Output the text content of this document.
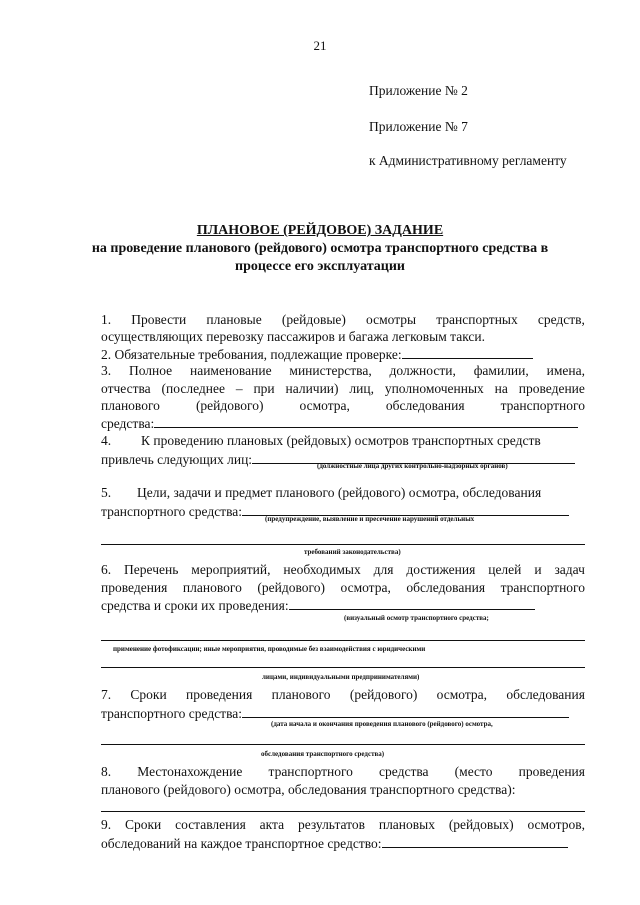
21
Приложение № 2
Приложение № 7
к Административному регламенту
ПЛАНОВОЕ (РЕЙДОВОЕ) ЗАДАНИЕ
на проведение планового (рейдового) осмотра транспортного средства в
процессе его эксплуатации
1. Провести плановые (рейдовые) осмотры транспортных средств,
осуществляющих перевозку пассажиров и багажа легковым такси.
2. Обязательные требования, подлежащие проверке:
3. Полное наименование министерства, должности, фамилии, имена,
отчества (последнее – при наличии) лиц, уполномоченных на проведение
планового	(рейдового)	осмотра,	обследования	транспортного
средства:
4.	К проведению плановых (рейдовых) осмотров транспортных средств
привлечь следующих лиц:	(должностные лица других контрольно-надзорных органов)
5.	Цели, задачи и предмет планового (рейдового) осмотра, обследования
транспортного средства:	(предупреждение, выявление и пресечение нарушений отдельных
требований законодательства)
6. Перечень мероприятий, необходимых для достижения целей и задач
проведения планового (рейдового) осмотра, обследования транспортного
средства и сроки их проведения:
(визуальный осмотр транспортного средства;
применение фотофиксации; иные мероприятия, проводимые без взаимодействия с юридическими
лицами, индивидуальными предпринимателями)
7. Сроки проведения планового (рейдового) осмотра, обследования
транспортного средства:
(дата начала и окончания проведения планового (рейдового) осмотра,
обследования транспортного средства)
8. Местонахождение транспортного средства (место проведения
планового (рейдового) осмотра, обследования транспортного средства):
9. Сроки составления акта результатов плановых (рейдовых) осмотров,
обследований на каждое транспортное средство:
